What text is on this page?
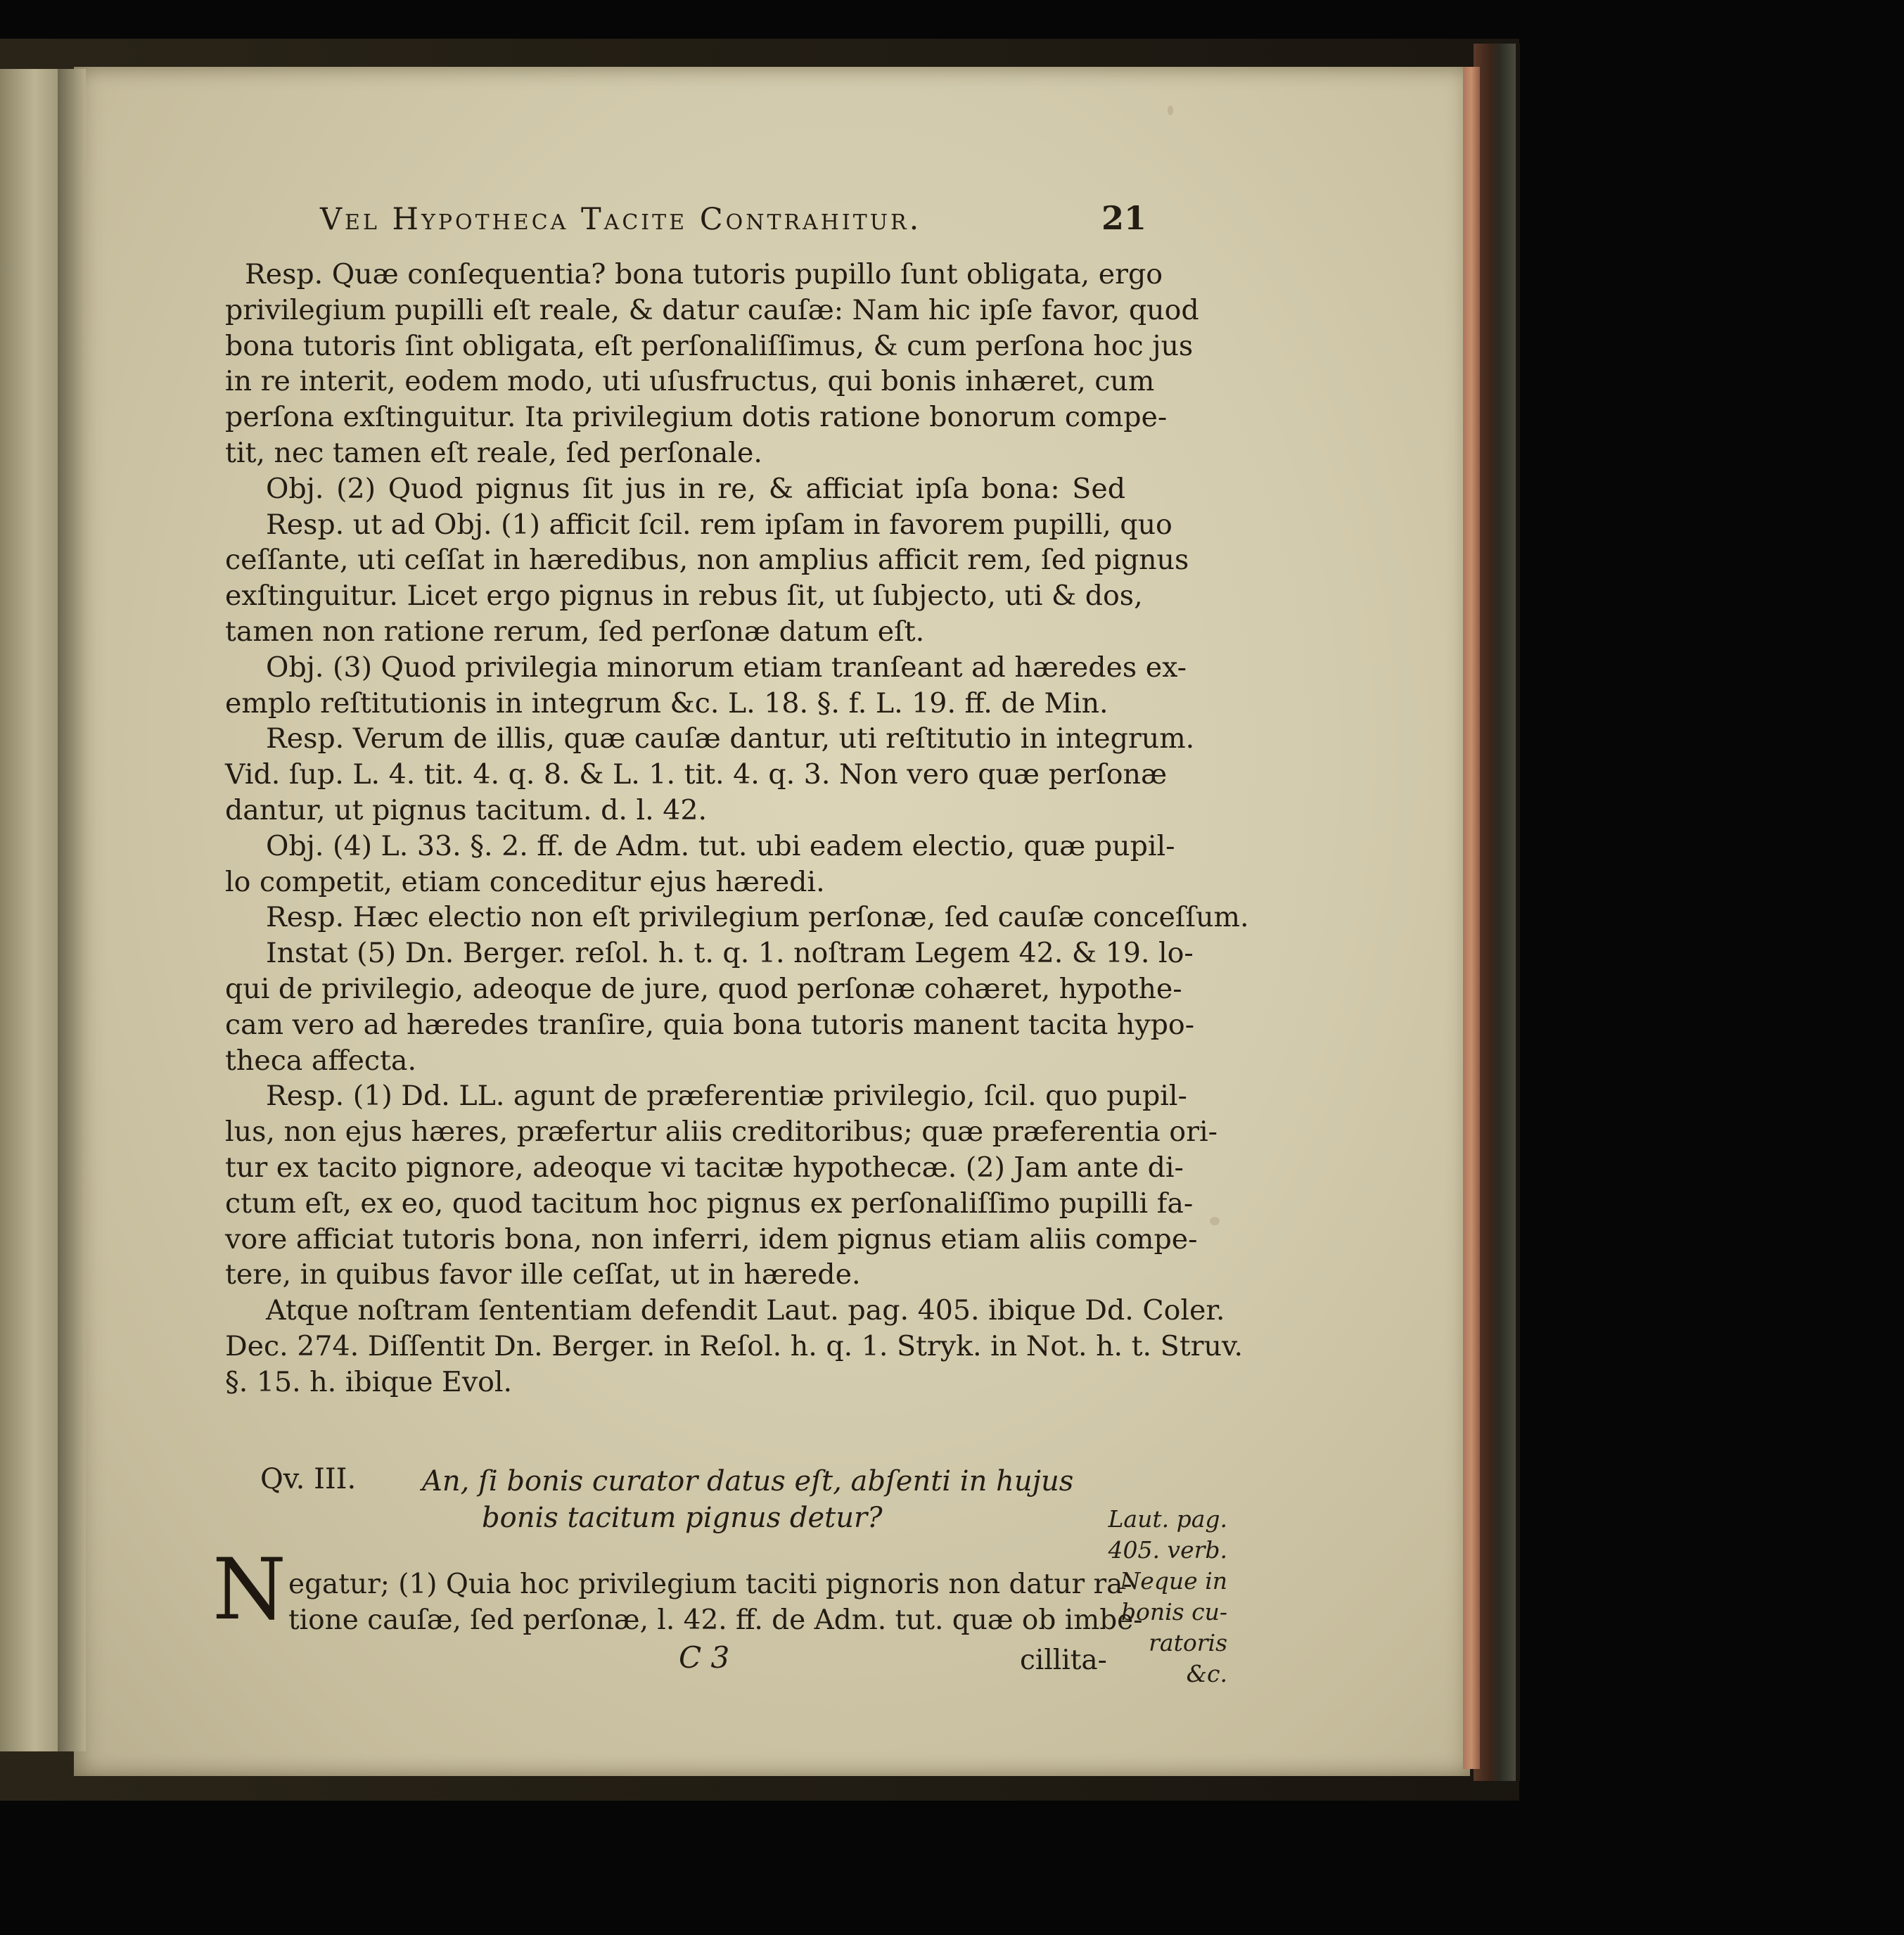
Vel Hypotheca Tacite Contrahitur.	21
Resp. Quæ conſequentia? bona tutoris pupillo ſunt obligata, ergo
privilegium pupilli eſt reale, & datur cauſæ: Nam hic ipſe favor, quod
bona tutoris ſint obligata, eſt perſonaliſſimus, & cum perſona hoc jus
in re interit, eodem modo, uti uſusfructus, qui bonis inhæret, cum
perſona exſtinguitur. Ita privilegium dotis ratione bonorum compe-
tit, nec tamen eſt reale, ſed perſonale.
Obj. (2) Quod pignus ſit jus in re, & afficiat ipſa bona: Sed
Resp. ut ad Obj. (1) afficit ſcil. rem ipſam in favorem pupilli, quo
ceſſante, uti ceſſat in hæredibus, non amplius afficit rem, ſed pignus
exſtinguitur. Licet ergo pignus in rebus ſit, ut ſubjecto, uti & dos,
tamen non ratione rerum, ſed perſonæ datum eſt.
Obj. (3) Quod privilegia minorum etiam tranſeant ad hæredes ex-
emplo reſtitutionis in integrum &c. L. 18. §. f. L. 19. ff. de Min.
Resp. Verum de illis, quæ cauſæ dantur, uti reſtitutio in integrum.
Vid. ſup. L. 4. tit. 4. q. 8. & L. 1. tit. 4. q. 3. Non vero quæ perſonæ
dantur, ut pignus tacitum. d. l. 42.
Obj. (4) L. 33. §. 2. ff. de Adm. tut. ubi eadem electio, quæ pupil-
lo competit, etiam conceditur ejus hæredi.
Resp. Hæc electio non eſt privilegium perſonæ, ſed cauſæ conceſſum.
Instat (5) Dn. Berger. reſol. h. t. q. 1. noſtram Legem 42. & 19. lo-
qui de privilegio, adeoque de jure, quod perſonæ cohæret, hypothe-
cam vero ad hæredes tranſire, quia bona tutoris manent tacita hypo-
theca affecta.
Resp. (1) Dd. LL. agunt de præferentiæ privilegio, ſcil. quo pupil-
lus, non ejus hæres, præfertur aliis creditoribus; quæ præferentia ori-
tur ex tacito pignore, adeoque vi tacitæ hypothecæ. (2) Jam ante di-
ctum eſt, ex eo, quod tacitum hoc pignus ex perſonaliſſimo pupilli fa-
vore afficiat tutoris bona, non inferri, idem pignus etiam aliis compe-
tere, in quibus favor ille ceſſat, ut in hærede.
Atque noſtram ſententiam defendit Laut. pag. 405. ibique Dd. Coler.
Dec. 274. Diſſentit Dn. Berger. in Reſol. h. q. 1. Stryk. in Not. h. t. Struv.
§. 15. h. ibique Evol.
Qv. III. An, ſi bonis curator datus eſt, abſenti in hujus
bonis tacitum pignus detur?
N egatur; (1) Quia hoc privilegium taciti pignoris non datur ra-
tione cauſæ, ſed perſonæ, l. 42. ff. de Adm. tut. quæ ob imbe-
Laut. pag.
405. verb.
Neque in
bonis cu-
ratoris
&c.
C 3	cillita-
